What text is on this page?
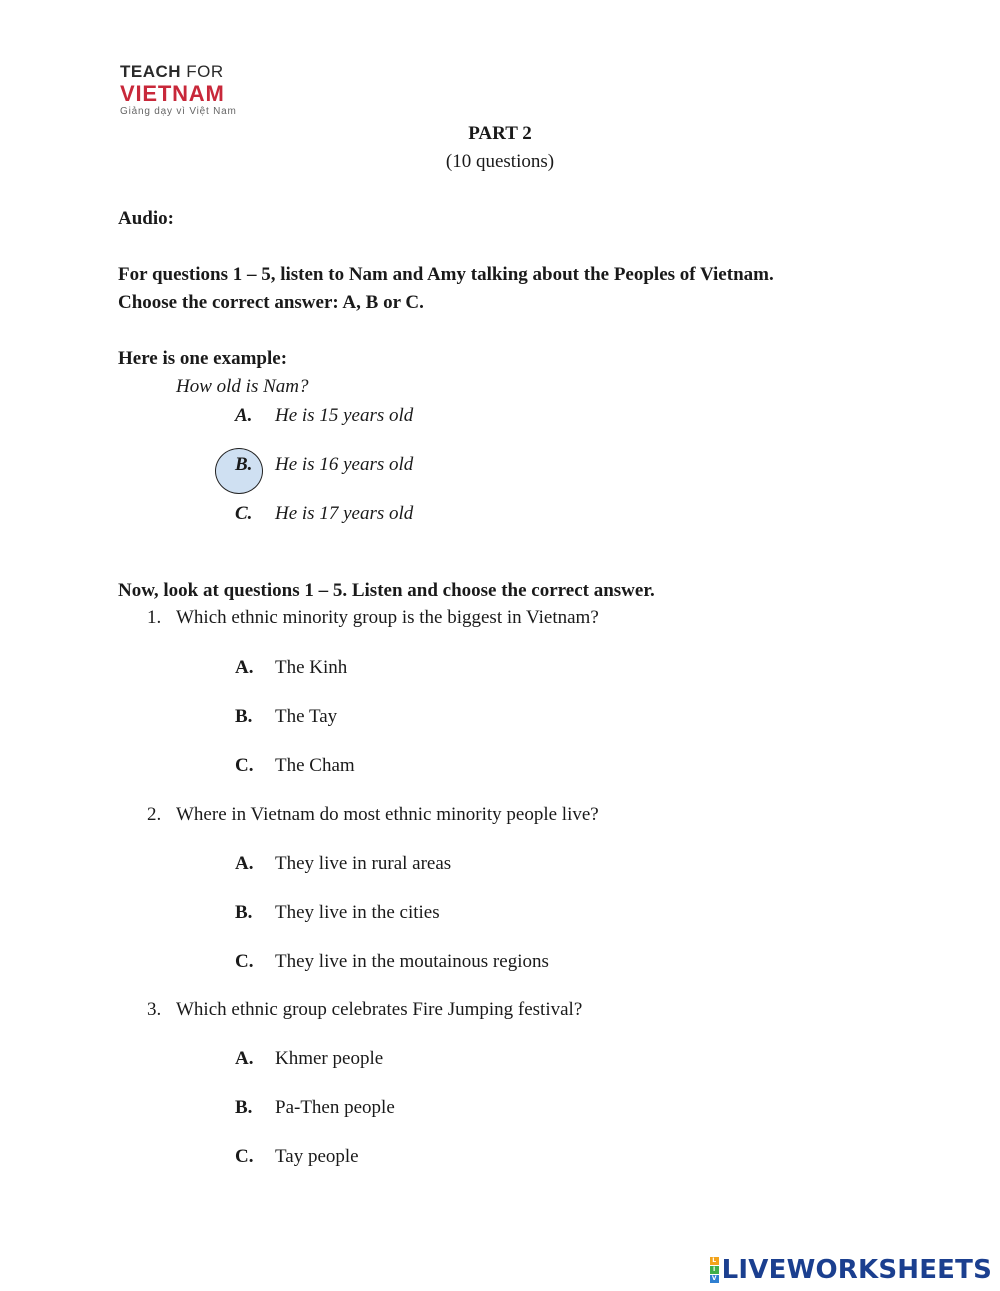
TEACH FOR
VIETNAM
Giảng dạy vì Việt Nam
PART 2
(10 questions)
Audio:
For questions 1 – 5, listen to Nam and Amy talking about the Peoples of Vietnam.
Choose the correct answer: A, B or C.
Here is one example:
How old is Nam?
A. He is 15 years old
B. He is 16 years old
C. He is 17 years old
Now, look at questions 1 – 5. Listen and choose the correct answer.
1. Which ethnic minority group is the biggest in Vietnam?
A. The Kinh
B. The Tay
C. The Cham
2. Where in Vietnam do most ethnic minority people live?
A. They live in rural areas
B. They live in the cities
C. They live in the moutainous regions
3. Which ethnic group celebrates Fire Jumping festival?
A. Khmer people
B. Pa-Then people
C. Tay people
L
I
V LIVEWORKSHEETS
